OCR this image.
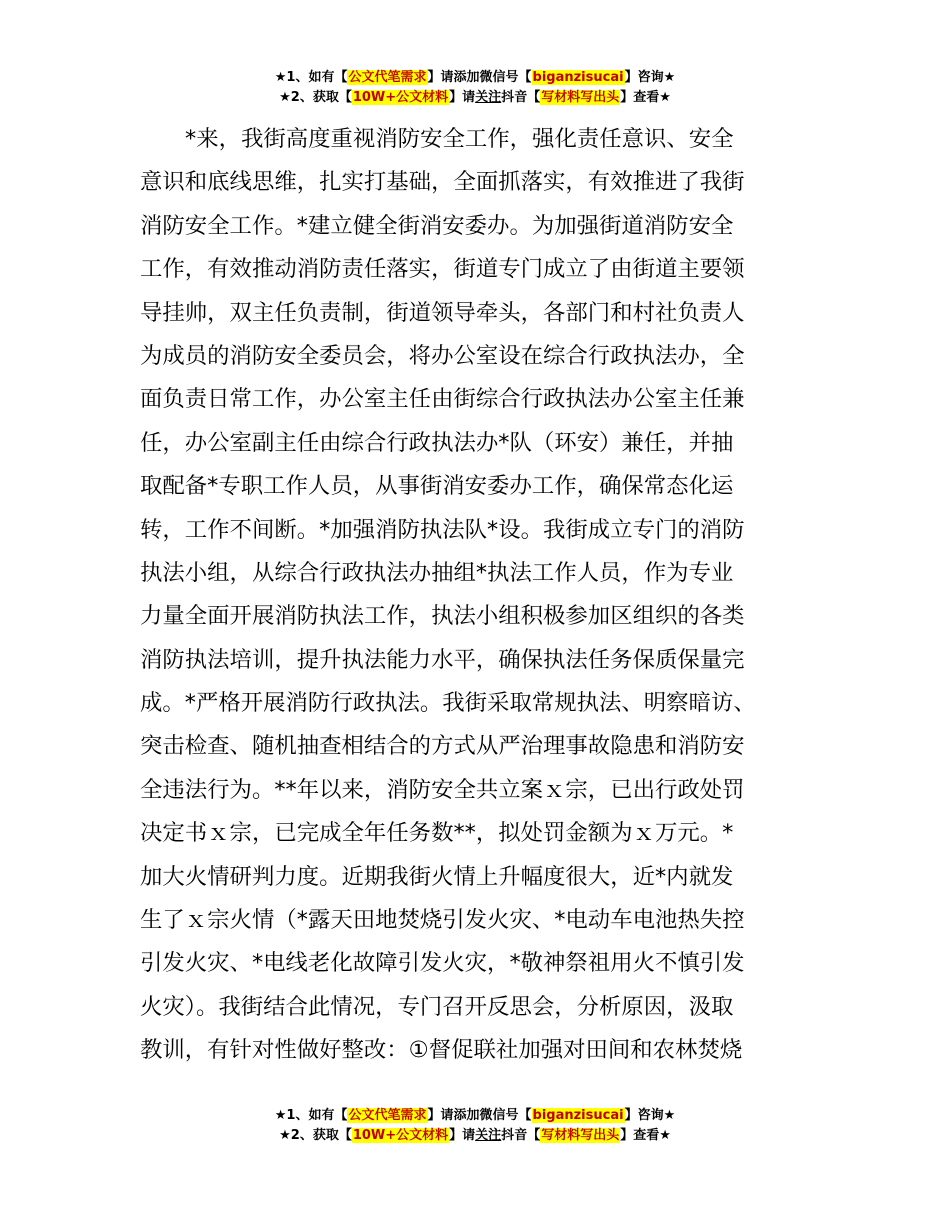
★1、如有【公文代笔需求】请添加微信号【biganzisucai】咨询★
★2、获取【10W+公文材料】请关注抖音【写材料写出头】查看★
*来，我街高度重视消防安全工作，强化责任意识、安全
意识和底线思维，扎实打基础，全面抓落实，有效推进了我街
消防安全工作。*建立健全街消安委办。为加强街道消防安全
工作，有效推动消防责任落实，街道专门成立了由街道主要领
导挂帅，双主任负责制，街道领导牵头，各部门和村社负责人
为成员的消防安全委员会，将办公室设在综合行政执法办，全
面负责日常工作，办公室主任由街综合行政执法办公室主任兼
任，办公室副主任由综合行政执法办*队（环安）兼任，并抽
取配备*专职工作人员，从事街消安委办工作，确保常态化运
转，工作不间断。*加强消防执法队*设。我街成立专门的消防
执法小组，从综合行政执法办抽组*执法工作人员，作为专业
力量全面开展消防执法工作，执法小组积极参加区组织的各类
消防执法培训，提升执法能力水平，确保执法任务保质保量完
成。*严格开展消防行政执法。我街采取常规执法、明察暗访、
突击检查、随机抽查相结合的方式从严治理事故隐患和消防安
全违法行为。**年以来，消防安全共立案ｘ宗，已出行政处罚
决定书ｘ宗，已完成全年任务数**，拟处罚金额为ｘ万元。*
加大火情研判力度。近期我街火情上升幅度很大，近*内就发
生了ｘ宗火情（*露天田地焚烧引发火灾、*电动车电池热失控
引发火灾、*电线老化故障引发火灾，*敬神祭祖用火不慎引发
火灾）。我街结合此情况，专门召开反思会，分析原因，汲取
教训，有针对性做好整改：①督促联社加强对田间和农林焚烧
★1、如有【公文代笔需求】请添加微信号【biganzisucai】咨询★
★2、获取【10W+公文材料】请关注抖音【写材料写出头】查看★
